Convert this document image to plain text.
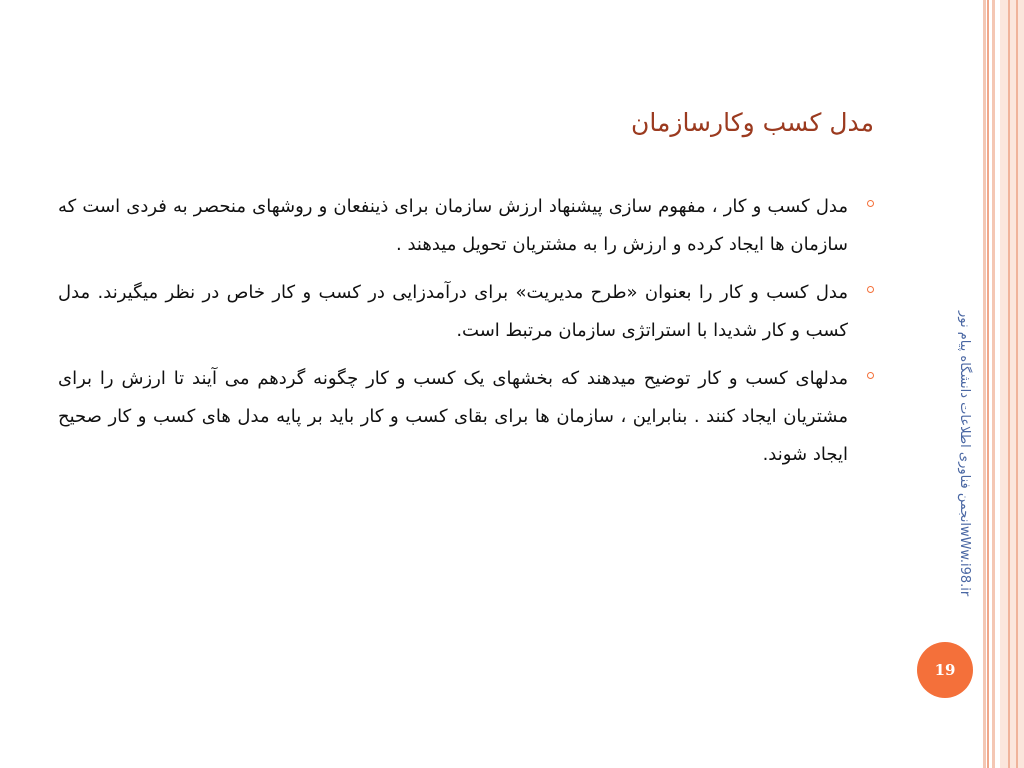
wWw.i98.irانجمن فناوری اطلاعات دانشگاه پیام نور
مدل کسب وکارسازمان
مدل کسب و کار ، مفهوم سازی پیشنهاد ارزش سازمان برای ذینفعان و روشهای منحصر به فردی است که سازمان ها ایجاد کرده و ارزش را به مشتریان تحویل میدهند .
مدل کسب و کار را بعنوان «طرح مدیریت» برای درآمدزایی در کسب و کار خاص در نظر میگیرند. مدل کسب و کار شدیدا با استراتژی سازمان مرتبط است.
مدلهای کسب و کار توضیح میدهند که بخشهای یک کسب و کار چگونه گردهم می آیند تا ارزش را برای مشتریان ایجاد کنند . بنابراین ، سازمان ها برای بقای کسب و کار باید بر پایه مدل های کسب و کار صحیح ایجاد شوند.
19
